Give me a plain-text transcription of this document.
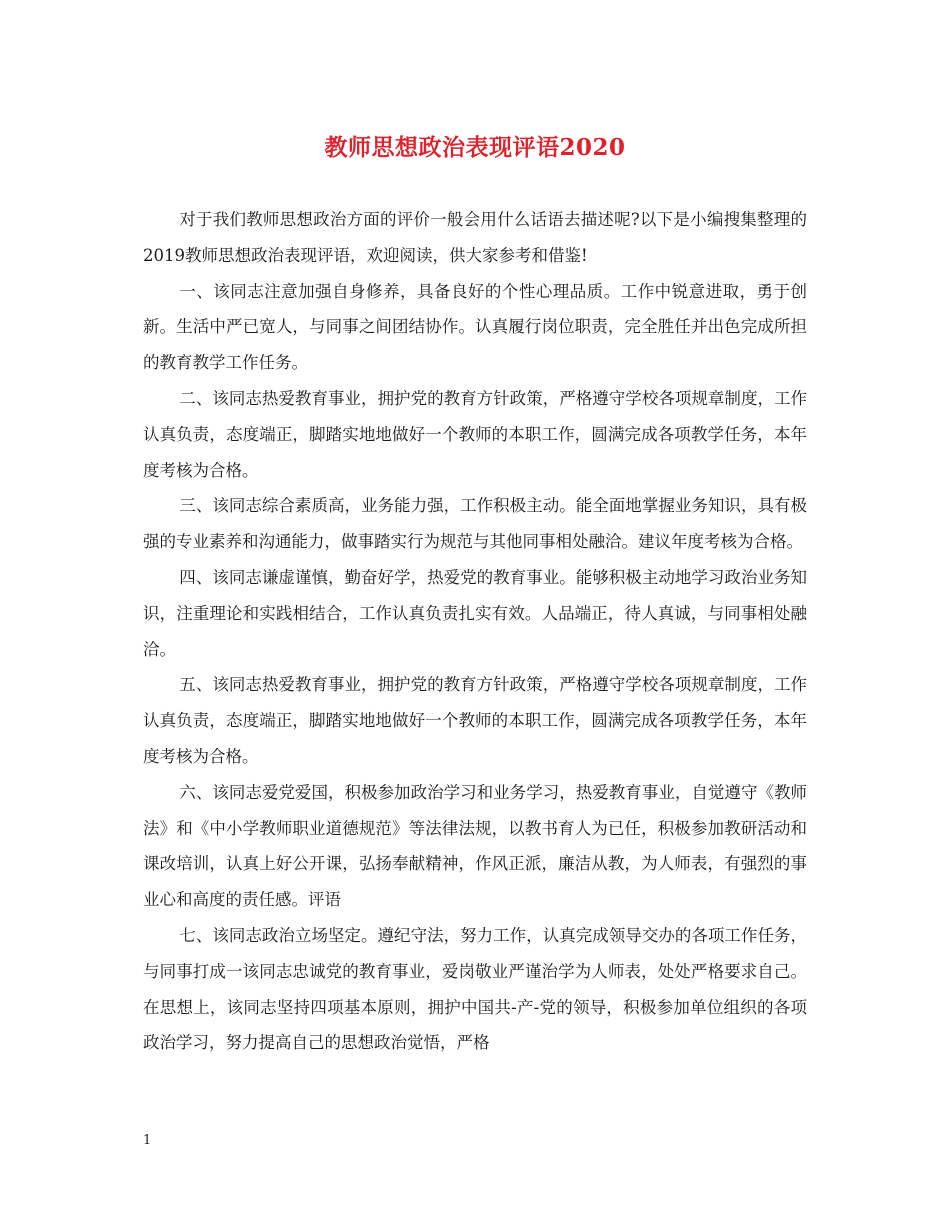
教师思想政治表现评语2020

对于我们教师思想政治方面的评价一般会用什么话语去描述呢?以下是小编搜集整理的2019教师思想政治表现评语，欢迎阅读，供大家参考和借鉴!

一、该同志注意加强自身修养，具备良好的个性心理品质。工作中锐意进取，勇于创新。生活中严已宽人，与同事之间团结协作。认真履行岗位职责，完全胜任并出色完成所担的教育教学工作任务。

二、该同志热爱教育事业，拥护党的教育方针政策，严格遵守学校各项规章制度，工作认真负责，态度端正，脚踏实地地做好一个教师的本职工作，圆满完成各项教学任务，本年度考核为合格。

三、该同志综合素质高，业务能力强，工作积极主动。能全面地掌握业务知识，具有极强的专业素养和沟通能力，做事踏实行为规范与其他同事相处融洽。建议年度考核为合格。

四、该同志谦虚谨慎，勤奋好学，热爱党的教育事业。能够积极主动地学习政治业务知识，注重理论和实践相结合，工作认真负责扎实有效。人品端正，待人真诚，与同事相处融洽。

五、该同志热爱教育事业，拥护党的教育方针政策，严格遵守学校各项规章制度，工作认真负责，态度端正，脚踏实地地做好一个教师的本职工作，圆满完成各项教学任务，本年度考核为合格。

六、该同志爱党爱国，积极参加政治学习和业务学习，热爱教育事业，自觉遵守《教师法》和《中小学教师职业道德规范》等法律法规，以教书育人为已任，积极参加教研活动和课改培训，认真上好公开课，弘扬奉献精神，作风正派，廉洁从教，为人师表，有强烈的事业心和高度的责任感。评语

七、该同志政治立场坚定。遵纪守法，努力工作，认真完成领导交办的各项工作任务，与同事打成一该同志忠诚党的教育事业，爱岗敬业严谨治学为人师表，处处严格要求自己。在思想上，该同志坚持四项基本原则，拥护中国共-产-党的领导，积极参加单位组织的各项政治学习，努力提高自己的思想政治觉悟，严格

1
